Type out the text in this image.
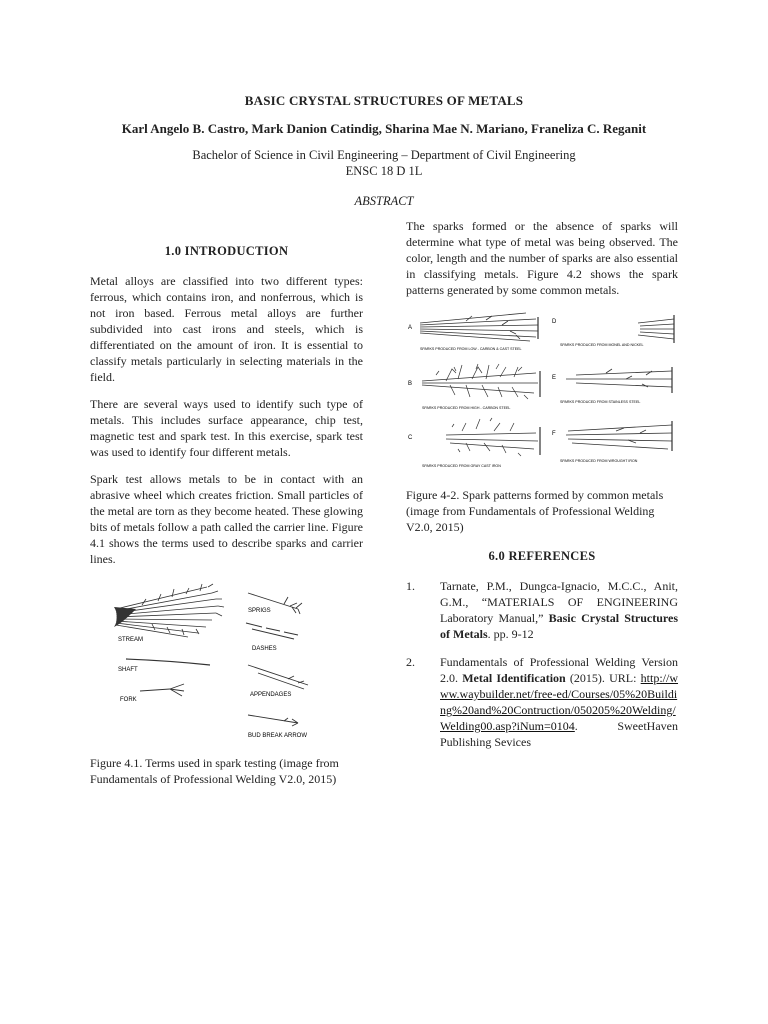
BASIC CRYSTAL STRUCTURES OF METALS
Karl Angelo B. Castro, Mark Danion Catindig, Sharina Mae N. Mariano, Franeliza C. Reganit
Bachelor of Science in Civil Engineering – Department of Civil Engineering
ENSC 18 D 1L
ABSTRACT
1.0 INTRODUCTION

Metal alloys are classified into two different types: ferrous, which contains iron, and nonferrous, which is not iron based. Ferrous metal alloys are further subdivided into cast irons and steels, which is differentiated on the amount of iron. It is essential to classify metals particularly in selecting materials in the field.

There are several ways used to identify such type of metals. This includes surface appearance, chip test, magnetic test and spark test. In this exercise, spark test was used to identify four different metals.

Spark test allows metals to be in contact with an abrasive wheel which creates friction. Small particles of the metal are torn as they become heated. These glowing bits of metals follow a path called the carrier line. Figure 4.1 shows the terms used to describe sparks and carrier lines.

STREAM
SHAFT
FORK
SPRIGS
DASHES
APPENDAGES
BUD BREAK ARROW

Figure 4.1. Terms used in spark testing (image from Fundamentals of Professional Welding V2.0, 2015)

The sparks formed or the absence of sparks will determine what type of metal was being observed. The color, length and the number of sparks are also essential in classifying metals. Figure 4.2 shows the spark patterns generated by some common metals.

A
SPARKS PRODUCED FROM LOW - CARBON & CAST STEEL
B
SPARKS PRODUCED FROM HIGH - CARBON STEEL
C
SPARKS PRODUCED FROM GRAY CAST IRON
D
SPARKS PRODUCED FROM MONEL AND NICKEL
E
SPARKS PRODUCED FROM STAINLESS STEEL
F
SPARKS PRODUCED FROM WROUGHT IRON

Figure 4-2. Spark patterns formed by common metals (image from Fundamentals of Professional Welding V2.0, 2015)

6.0 REFERENCES
1. Tarnate, P.M., Dungca-Ignacio, M.C.C., Anit, G.M., “MATERIALS OF ENGINEERING Laboratory Manual,” Basic Crystal Structures of Metals. pp. 9-12
2. Fundamentals of Professional Welding Version 2.0. Metal Identification (2015). URL: http://www.waybuilder.net/free-ed/Courses/05%20Building%20and%20Contruction/050205%20Welding/Welding00.asp?iNum=0104. SweetHaven Publishing Sevices
